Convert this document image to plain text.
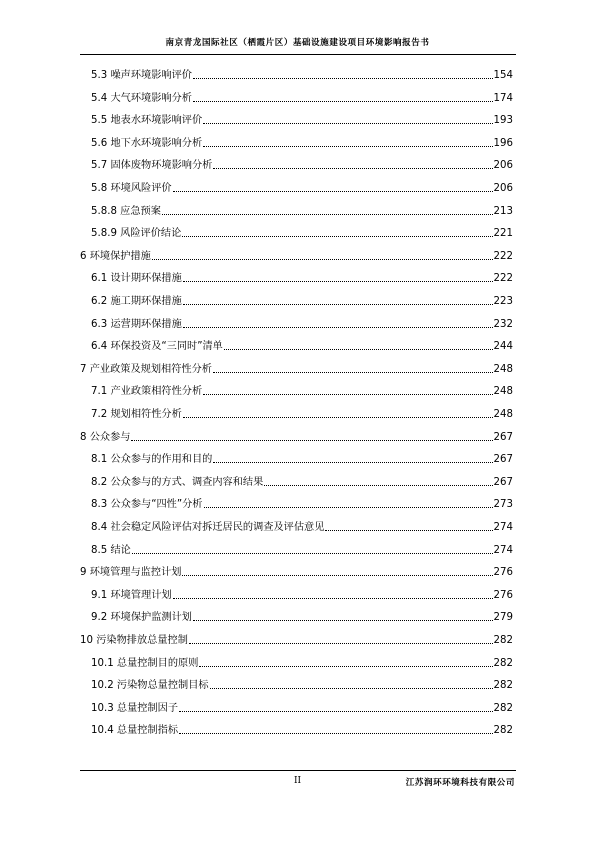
南京青龙国际社区（栖霞片区）基础设施建设项目环境影响报告书
5.3 噪声环境影响评价	154
5.4 大气环境影响分析	174
5.5 地表水环境影响评价	193
5.6 地下水环境影响分析	196
5.7 固体废物环境影响分析	206
5.8 环境风险评价	206
5.8.8 应急预案	213
5.8.9 风险评价结论	221
6 环境保护措施	222
6.1 设计期环保措施	222
6.2 施工期环保措施	223
6.3 运营期环保措施	232
6.4 环保投资及“三同时”清单	244
7 产业政策及规划相符性分析	248
7.1 产业政策相符性分析	248
7.2 规划相符性分析	248
8 公众参与	267
8.1 公众参与的作用和目的	267
8.2 公众参与的方式、调查内容和结果	267
8.3 公众参与“四性”分析	273
8.4 社会稳定风险评估对拆迁居民的调查及评估意见	274
8.5 结论	274
9 环境管理与监控计划	276
9.1 环境管理计划	276
9.2 环境保护监测计划	279
10 污染物排放总量控制	282
10.1 总量控制目的原则	282
10.2 污染物总量控制目标	282
10.3 总量控制因子	282
10.4 总量控制指标	282
II	江苏润环环境科技有限公司
